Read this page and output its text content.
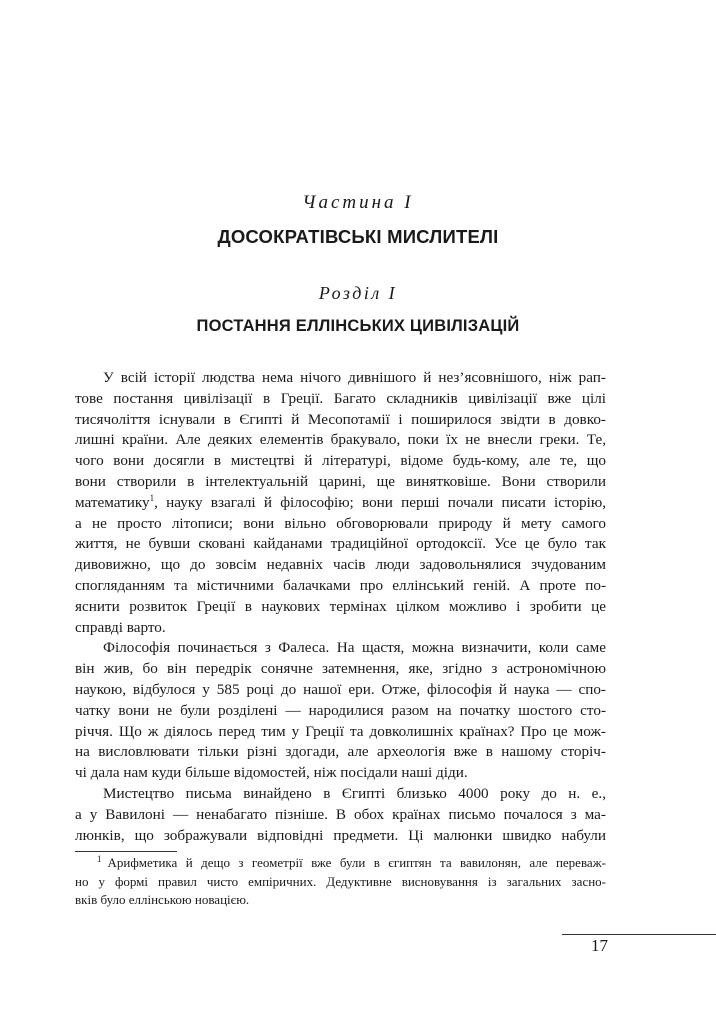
Частина I
ДОСОКРАТІВСЬКІ МИСЛИТЕЛІ
Розділ I
ПОСТАННЯ ЕЛЛІНСЬКИХ ЦИВІЛІЗАЦІЙ
У всій історії людства нема нічого дивнішого й нез’ясовнішого, ніж рап-
тове постання цивілізації в Греції. Багато складників цивілізації вже цілі
тисячоліття існували в Єгипті й Месопотамії і поширилося звідти в довко-
лишні країни. Але деяких елементів бракувало, поки їх не внесли греки. Те,
чого вони досягли в мистецтві й літературі, відоме будь-кому, але те, що
вони створили в інтелектуальній царині, ще винятковіше. Вони створили
математику$^1$, науку взагалі й філософію; вони перші почали писати історію,
а не просто літописи; вони вільно обговорювали природу й мету самого
життя, не бувши сковані кайданами традиційної ортодоксії. Усе це було так
дивовижно, що до зовсім недавніх часів люди задовольнялися зчудованим
спогляданням та містичними балачками про еллінський геній. А проте по-
яснити розвиток Греції в наукових термінах цілком можливо і зробити це
справді варто.
Філософія починається з Фалеса. На щастя, можна визначити, коли саме
він жив, бо він передрік сонячне затемнення, яке, згідно з астрономічною
наукою, відбулося у 585 році до нашої ери. Отже, філософія й наука — спо-
чатку вони не були розділені — народилися разом на початку шостого сто-
річчя. Що ж діялось перед тим у Греції та довколишніх країнах? Про це мож-
на висловлювати тільки різні здогади, але археологія вже в нашому сторіч-
чі дала нам куди більше відомостей, ніж посідали наші діди.
Мистецтво письма винайдено в Єгипті близько 4000 року до н. е.,
а у Вавилоні — ненабагато пізніше. В обох країнах письмо почалося з ма-
люнків, що зображували відповідні предмети. Ці малюнки швидко набули
$^1$ Арифметика й дещо з геометрії вже були в єгиптян та вавилонян, але переваж-
но у формі правил чисто емпіричних. Дедуктивне висновування із загальних засно-
вків було еллінською новацією.
17
